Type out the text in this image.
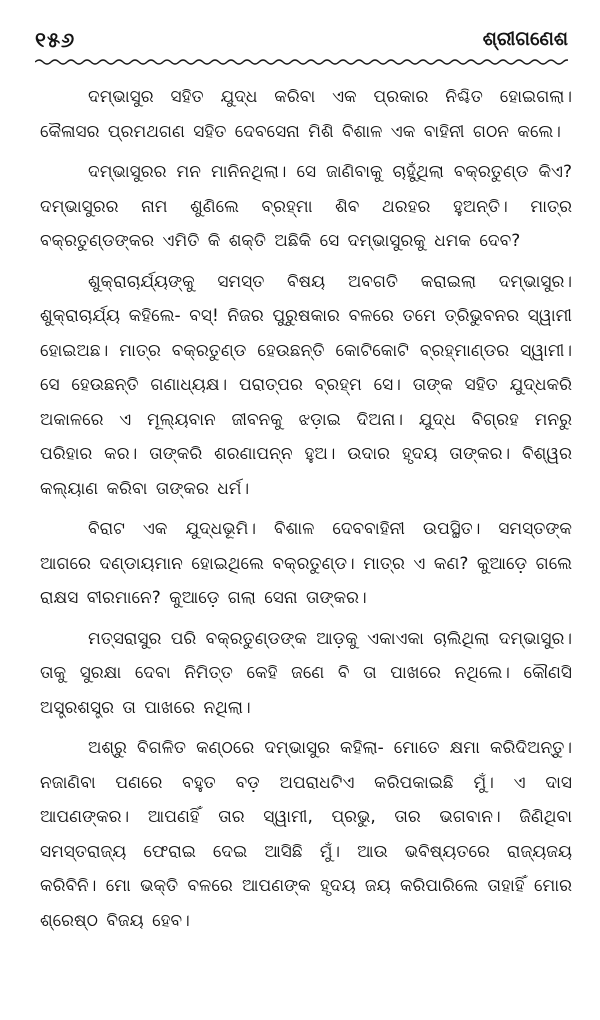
୧୫୬	ଶ୍ରୀଗଣେଶ

ଦମ୍ଭାସୁର ସହିତ ଯୁଦ୍ଧ କରିବା ଏକ ପ୍ରକାର ନିଶ୍ଚିତ ହୋଇଗଲା। କୈଳାସର ପ୍ରମଥଗଣ ସହିତ ଦେବସେନା ମିଶି ବିଶାଳ ଏକ ବାହିନୀ ଗଠନ କଲେ।

ଦମ୍ଭାସୁରର ମନ ମାନିନଥିଲା। ସେ ଜାଣିବାକୁ ଚାହୁଁଥିଲା ବକ୍ରତୁଣ୍ଡ କିଏ? ଦମ୍ଭାସୁରର ନାମ ଶୁଣିଲେ ବ୍ରହ୍ମା ଶିବ ଥରହର ହୁଅନ୍ତି। ମାତ୍ର ବକ୍ରତୁଣ୍ଡଙ୍କର ଏମିତି କି ଶକ୍ତି ଅଛିକି ସେ ଦମ୍ଭାସୁରକୁ ଧମକ ଦେବ?

ଶୁକ୍ରାଚାର୍ଯ୍ୟଙ୍କୁ ସମସ୍ତ ବିଷୟ ଅବଗତି କରାଇଲା ଦମ୍ଭାସୁର। ଶୁକ୍ରାଚାର୍ଯ୍ୟ କହିଲେ- ବସ୍! ନିଜର ପୁରୁଷକାର ବଳରେ ତମେ ତ୍ରିଭୁବନର ସ୍ୱାମୀ ହୋଇଅଛ। ମାତ୍ର ବକ୍ରତୁଣ୍ଡ ହେଉଛନ୍ତି କୋଟିକୋଟି ବ୍ରହ୍ମାଣ୍ଡର ସ୍ୱାମୀ। ସେ ହେଉଛନ୍ତି ଗଣାଧ୍ୟକ୍ଷ। ପରାତ୍ପର ବ୍ରହ୍ମ ସେ। ତାଙ୍କ ସହିତ ଯୁଦ୍ଧକରି ଅକାଳରେ ଏ ମୂଲ୍ୟବାନ ଜୀବନକୁ ଝଡ଼ାଇ ଦିଅନା। ଯୁଦ୍ଧ ବିଗ୍ରହ ମନରୁ ପରିହାର କର। ତାଙ୍କରି ଶରଣାପନ୍ନ ହୁଅ। ଉଦାର ହୃଦୟ ତାଙ୍କର। ବିଶ୍ୱର କଲ୍ୟାଣ କରିବା ତାଙ୍କର ଧର୍ମ।

ବିରାଟ ଏକ ଯୁଦ୍ଧଭୂମି। ବିଶାଳ ଦେବବାହିନୀ ଉପସ୍ଥିତ। ସମସ୍ତଙ୍କ ଆଗରେ ଦଣ୍ଡାୟମାନ ହୋଇଥିଲେ ବକ୍ରତୁଣ୍ଡ। ମାତ୍ର ଏ କଣ? କୁଆଡ଼େ ଗଲେ ରାକ୍ଷସ ବୀରମାନେ? କୁଆଡ଼େ ଗଲା ସେନା ତାଙ୍କର।

ମତ୍ସରାସୁର ପରି ବକ୍ରତୁଣ୍ଡଙ୍କ ଆଡ଼କୁ ଏକାଏକା ଚାଲିଥିଲା ଦମ୍ଭାସୁର। ତାକୁ ସୁରକ୍ଷା ଦେବା ନିମିତ୍ତ କେହି ଜଣେ ବି ତା ପାଖରେ ନଥିଲେ। କୌଣସି ଅସ୍ତ୍ରଶସ୍ତ୍ର ତା ପାଖରେ ନଥିଲା।

ଅଶ୍ରୁ ବିଗଳିତ କଣ୍ଠରେ ଦମ୍ଭାସୁର କହିଲା- ମୋତେ କ୍ଷମା କରିଦିଅନ୍ତୁ। ନଜାଣିବା ପଣରେ ବହୁତ ବଡ଼ ଅପରାଧଟିଏ କରିପକାଇଛି ମୁଁ। ଏ ଦାସ ଆପଣଙ୍କର। ଆପଣହିଁ ତାର ସ୍ୱାମୀ, ପ୍ରଭୁ, ତାର ଭଗବାନ। ଜିଣିଥିବା ସମସ୍ତରାଜ୍ୟ ଫେରାଇ ଦେଇ ଆସିଛି ମୁଁ। ଆଉ ଭବିଷ୍ୟତରେ ରାଜ୍ୟଜୟ କରିବିନି। ମୋ ଭକ୍ତି ବଳରେ ଆପଣଙ୍କ ହୃଦୟ ଜୟ କରିପାରିଲେ ତାହାହିଁ ମୋର ଶ୍ରେଷ୍ଠ ବିଜୟ ହେବ।
